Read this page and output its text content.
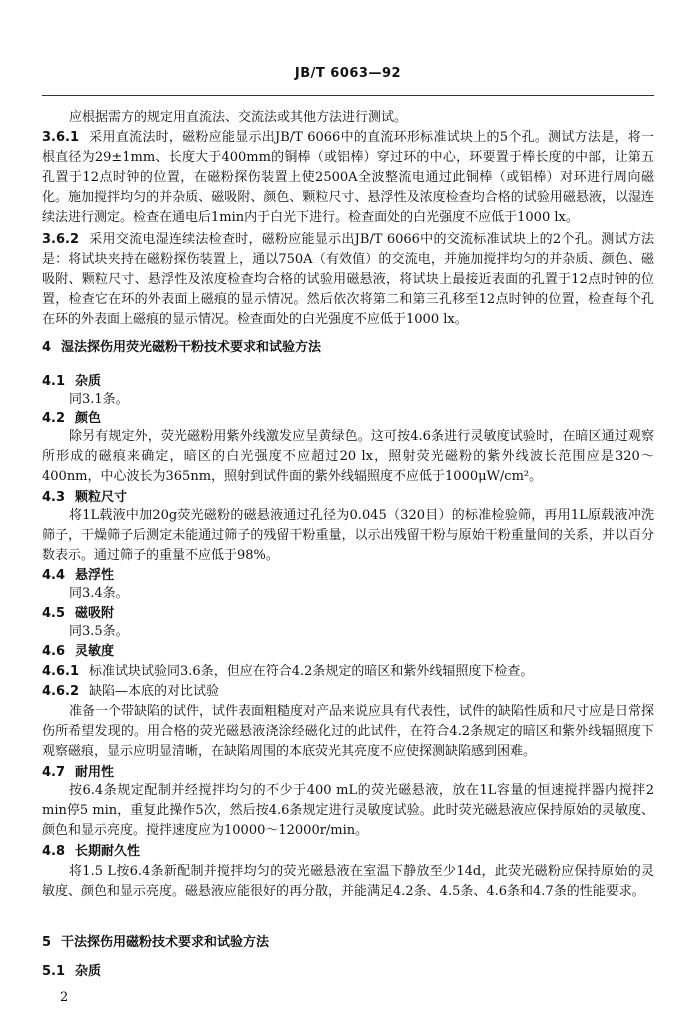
JB/T 6063—92
应根据需方的规定用直流法、交流法或其他方法进行测试。
3.6.1 采用直流法时，磁粉应能显示出JB/T 6066中的直流环形标准试块上的5个孔。测试方法是，将一根直径为29±1mm、长度大于400mm的铜棒（或铝棒）穿过环的中心，环要置于棒长度的中部，让第五孔置于12点时钟的位置，在磁粉探伤装置上使2500A全波整流电通过此铜棒（或铝棒）对环进行周向磁化。施加搅拌均匀的并杂质、磁吸附、颜色、颗粒尺寸、悬浮性及浓度检查均合格的试验用磁悬液，以湿连续法进行测定。检查在通电后1min内于白光下进行。检查面处的白光强度不应低于1000 lx。
3.6.2 采用交流电湿连续法检查时，磁粉应能显示出JB/T 6066中的交流标准试块上的2个孔。测试方法是：将试块夹持在磁粉探伤装置上，通以750A（有效值）的交流电，并施加搅拌均匀的并杂质、颜色、磁吸附、颗粒尺寸、悬浮性及浓度检查均合格的试验用磁悬液，将试块上最接近表面的孔置于12点时钟的位置，检查它在环的外表面上磁痕的显示情况。然后依次将第二和第三孔移至12点时钟的位置，检查每个孔在环的外表面上磁痕的显示情况。检查面处的白光强度不应低于1000 lx。
4 湿法探伤用荧光磁粉干粉技术要求和试验方法
4.1 杂质
同3.1条。
4.2 颜色
除另有规定外，荧光磁粉用紫外线激发应呈黄绿色。这可按4.6条进行灵敏度试验时，在暗区通过观察所形成的磁痕来确定，暗区的白光强度不应超过20 lx，照射荧光磁粉的紫外线波长范围应是320～400nm，中心波长为365nm，照射到试件面的紫外线辐照度不应低于1000μW/cm²。
4.3 颗粒尺寸
将1L载液中加20g荧光磁粉的磁悬液通过孔径为0.045（320目）的标准检验筛，再用1L原载液冲洗筛子，干燥筛子后测定未能通过筛子的残留干粉重量，以示出残留干粉与原始干粉重量间的关系，并以百分数表示。通过筛子的重量不应低于98%。
4.4 悬浮性
同3.4条。
4.5 磁吸附
同3.5条。
4.6 灵敏度
4.6.1 标准试块试验同3.6条，但应在符合4.2条规定的暗区和紫外线辐照度下检查。
4.6.2 缺陷—本底的对比试验
准备一个带缺陷的试件，试件表面粗糙度对产品来说应具有代表性，试件的缺陷性质和尺寸应是日常探伤所希望发现的。用合格的荧光磁悬液浇涂经磁化过的此试件，在符合4.2条规定的暗区和紫外线辐照度下观察磁痕，显示应明显清晰，在缺陷周围的本底荧光其亮度不应使探测缺陷感到困难。
4.7 耐用性
按6.4条规定配制并经搅拌均匀的不少于400 mL的荧光磁悬液，放在1L容量的恒速搅拌器内搅拌2 min停5 min，重复此操作5次，然后按4.6条规定进行灵敏度试验。此时荧光磁悬液应保持原始的灵敏度、颜色和显示亮度。搅拌速度应为10000～12000r/min。
4.8 长期耐久性
将1.5 L按6.4条新配制并搅拌均匀的荧光磁悬液在室温下静放至少14d，此荧光磁粉应保持原始的灵敏度、颜色和显示亮度。磁悬液应能很好的再分散，并能满足4.2条、4.5条、4.6条和4.7条的性能要求。
5 干法探伤用磁粉技术要求和试验方法
5.1 杂质
2
